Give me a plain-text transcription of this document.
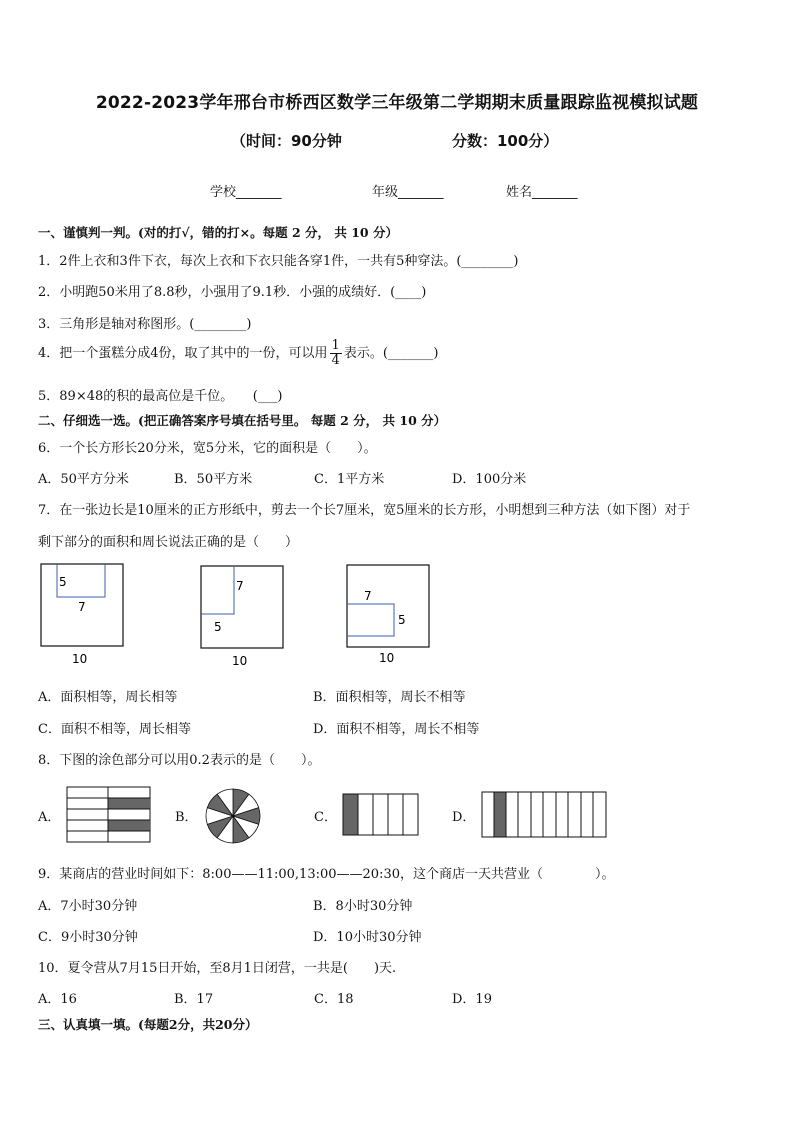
2022-2023学年邢台市桥西区数学三年级第二学期期末质量跟踪监视模拟试题
（时间：90分钟	分数：100分）
学校_______	年级_______	姓名_______
一、谨慎判一判。(对的打√，错的打×。每题 2 分， 共 10 分）
1．2件上衣和3件下衣，每次上衣和下衣只能各穿1件，一共有5种穿法。(________)
2．小明跑50米用了8.8秒，小强用了9.1秒．小强的成绩好．(____)
3．三角形是轴对称图形。(________)
4．把一个蛋糕分成4份，取了其中的一份，可以用 $\frac{1}{4}$ 表示。(_______)
5．89×48的积的最高位是千位。　　(___)
二、仔细选一选。(把正确答案序号填在括号里。 每题 2 分， 共 10 分）
6．一个长方形长20分米，宽5分米，它的面积是（　　）。
A．50平方分米	B．50平方米	C．1平方米	D．100分米
7．在一张边长是10厘米的正方形纸中，剪去一个长7厘米，宽5厘米的长方形，小明想到三种方法（如下图）对于
剩下部分的面积和周长说法正确的是（　　）
5
7
10
7
5
10
7
5
10
A．面积相等，周长相等	B．面积相等，周长不相等
C．面积不相等，周长相等	D．面积不相等，周长不相等
8．下图的涂色部分可以用0.2表示的是（　　）。
A．	B．	C．	D．
9．某商店的营业时间如下：8:00——11:00,13:00——20:30，这个商店一天共营业（　　　　）。
A．7小时30分钟	B．8小时30分钟
C．9小时30分钟	D．10小时30分钟
10．夏令营从7月15日开始，至8月1日闭营，一共是(　　)天.
A．16	B．17	C．18	D．19
三、认真填一填。(每题2分，共20分）
